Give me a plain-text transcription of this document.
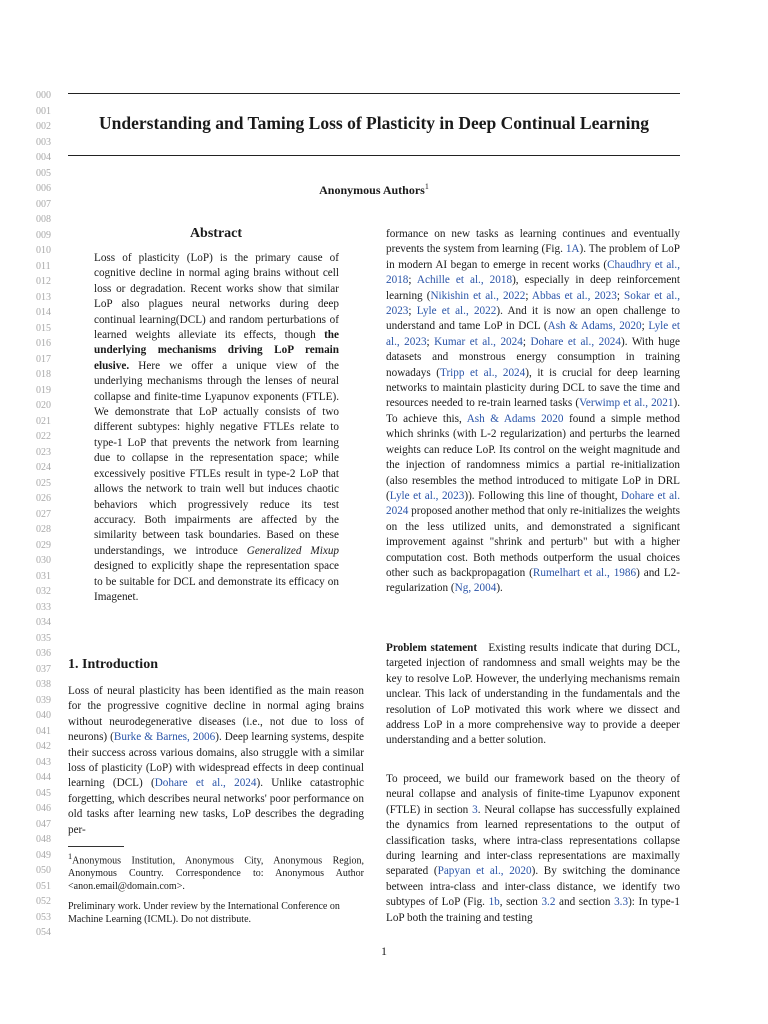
000
001
002
003
004
005
006
007
008
009
010
011
012
013
014
015
016
017
018
019
020
021
022
023
024
025
026
027
028
029
030
031
032
033
034
035
036
037
038
039
040
041
042
043
044
045
046
047
048
049
050
051
052
053
054
Understanding and Taming Loss of Plasticity in Deep Continual Learning
Anonymous Authors$^1$
Abstract
Loss of plasticity (LoP) is the primary cause of cognitive decline in normal aging brains without cell loss or degradation. Recent works show that similar LoP also plagues neural networks during deep continual learning(DCL) and random perturbations of learned weights alleviate its effects, though the underlying mechanisms driving LoP remain elusive. Here we offer a unique view of the underlying mechanisms through the lenses of neural collapse and finite-time Lyapunov exponents (FTLE). We demonstrate that LoP actually consists of two different subtypes: highly negative FTLEs relate to type-1 LoP that prevents the network from learning due to collapse in the representation space; while excessively positive FTLEs result in type-2 LoP that allows the network to train well but induces chaotic behaviors which progressively reduce its test accuracy. Both impairments are affected by the similarity between task boundaries. Based on these understandings, we introduce Generalized Mixup designed to explicitly shape the representation space to be suitable for DCL and demonstrate its efficacy on Imagenet.
1. Introduction
Loss of neural plasticity has been identified as the main reason for the progressive cognitive decline in normal aging brains without neurodegenerative diseases (i.e., not due to loss of neurons) (Burke & Barnes, 2006). Deep learning systems, despite their success across various domains, also struggle with a similar loss of plasticity (LoP) with widespread effects in deep continual learning (DCL) (Dohare et al., 2024). Unlike catastrophic forgetting, which describes neural networks' poor performance on old tasks after learning new tasks, LoP describes the degrading per-
$^1$Anonymous Institution, Anonymous City, Anonymous Region, Anonymous Country. Correspondence to: Anonymous Author <anon.email@domain.com>.
Preliminary work. Under review by the International Conference on Machine Learning (ICML). Do not distribute.

formance on new tasks as learning continues and eventually prevents the system from learning (Fig. 1A). The problem of LoP in modern AI began to emerge in recent works (Chaudhry et al., 2018; Achille et al., 2018), especially in deep reinforcement learning (Nikishin et al., 2022; Abbas et al., 2023; Sokar et al., 2023; Lyle et al., 2022). And it is now an open challenge to understand and tame LoP in DCL (Ash & Adams, 2020; Lyle et al., 2023; Kumar et al., 2024; Dohare et al., 2024). With huge datasets and monstrous energy consumption in training nowadays (Tripp et al., 2024), it is crucial for deep learning networks to maintain plasticity during DCL to save the time and resources needed to re-train learned tasks (Verwimp et al., 2021). To achieve this, Ash & Adams 2020 found a simple method which shrinks (with L-2 regularization) and perturbs the learned weights can reduce LoP. Its control on the weight magnitude and the injection of randomness mimics a partial re-initialization (also resembles the method introduced to mitigate LoP in DRL (Lyle et al., 2023)). Following this line of thought, Dohare et al. 2024 proposed another method that only re-initializes the weights on the less utilized units, and demonstrated a significant improvement against "shrink and perturb" but with a higher computation cost. Both methods outperform the usual choices other such as backpropagation (Rumelhart et al., 1986) and L2-regularization (Ng, 2004).

Problem statement Existing results indicate that during DCL, targeted injection of randomness and small weights may be the key to resolve LoP. However, the underlying mechanisms remain unclear. This lack of understanding in the fundamentals and the resolution of LoP motivated this work where we dissect and address LoP in a more comprehensive way to provide a deeper understanding and a better solution.
To proceed, we build our framework based on the theory of neural collapse and analysis of finite-time Lyapunov exponent (FTLE) in section 3. Neural collapse has successfully explained the dynamics from learned representations to the output of classification tasks, where intra-class representations collapse during learning and inter-class representations are maximally separated (Papyan et al., 2020). By switching the dominance between intra-class and inter-class distance, we identify two subtypes of LoP (Fig. 1b, section 3.2 and section 3.3): In type-1 LoP both the training and testing
1
